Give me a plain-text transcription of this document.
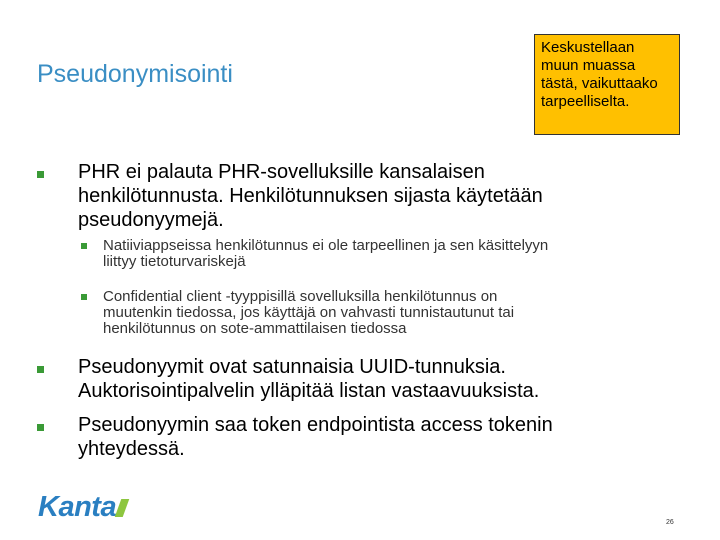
Pseudonymisointi
Keskustellaan
muun muassa
tästä, vaikuttaako
tarpeelliselta.
PHR ei palauta PHR-sovelluksille kansalaisen
henkilötunnusta. Henkilötunnuksen sijasta käytetään
pseudonyymejä.
Natiiviappseissa henkilötunnus ei ole tarpeellinen ja sen käsittelyyn
liittyy tietoturvariskejä
Confidential client -tyyppisillä sovelluksilla henkilötunnus on
muutenkin tiedossa, jos käyttäjä on vahvasti tunnistautunut tai
henkilötunnus on sote-ammattilaisen tiedossa
Pseudonyymit ovat satunnaisia UUID-tunnuksia.
Auktorisointipalvelin ylläpitää listan vastaavuuksista.
Pseudonyymin saa token endpointista access tokenin
yhteydessä.
Kanta	26
